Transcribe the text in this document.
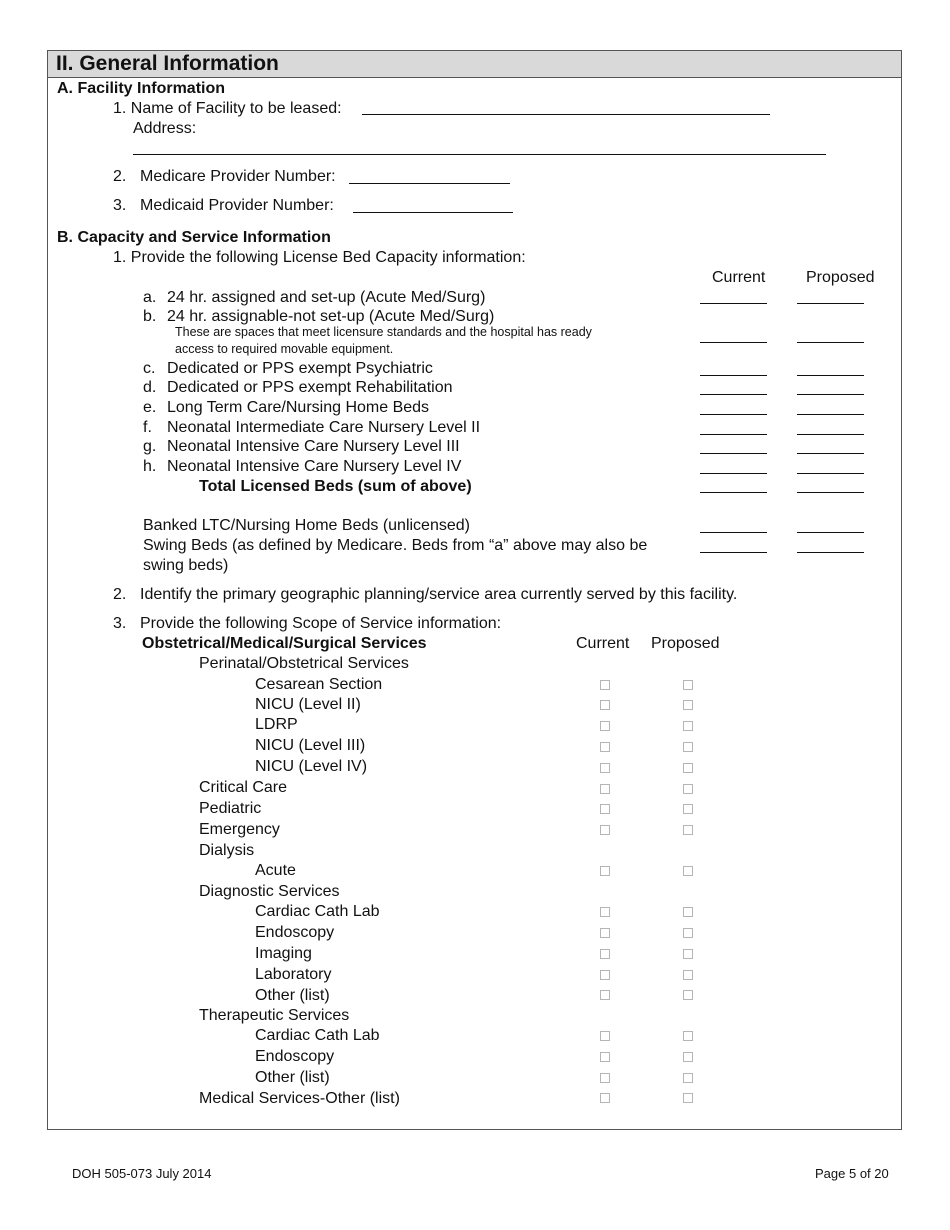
II. General Information
A. Facility Information
1. Name of Facility to be leased:
Address:
2. Medicare Provider Number:
3. Medicaid Provider Number:
B. Capacity and Service Information
1. Provide the following License Bed Capacity information:
Current	Proposed
a. 24 hr. assigned and set-up (Acute Med/Surg)
b. 24 hr. assignable-not set-up (Acute Med/Surg)
These are spaces that meet licensure standards and the hospital has ready
access to required movable equipment.
c. Dedicated or PPS exempt Psychiatric
d. Dedicated or PPS exempt Rehabilitation
e. Long Term Care/Nursing Home Beds
f. Neonatal Intermediate Care Nursery Level II
g. Neonatal Intensive Care Nursery Level III
h. Neonatal Intensive Care Nursery Level IV
Total Licensed Beds (sum of above)
Banked LTC/Nursing Home Beds (unlicensed)
Swing Beds (as defined by Medicare. Beds from “a” above may also be
swing beds)
2. Identify the primary geographic planning/service area currently served by this facility.
3. Provide the following Scope of Service information:
Obstetrical/Medical/Surgical Services	Current Proposed
Perinatal/Obstetrical Services
Cesarean Section
NICU (Level II)
LDRP
NICU (Level III)
NICU (Level IV)
Critical Care
Pediatric
Emergency
Dialysis
Acute
Diagnostic Services
Cardiac Cath Lab
Endoscopy
Imaging
Laboratory
Other (list)
Therapeutic Services
Cardiac Cath Lab
Endoscopy
Other (list)
Medical Services-Other (list)
DOH 505-073 July 2014	Page 5 of 20
